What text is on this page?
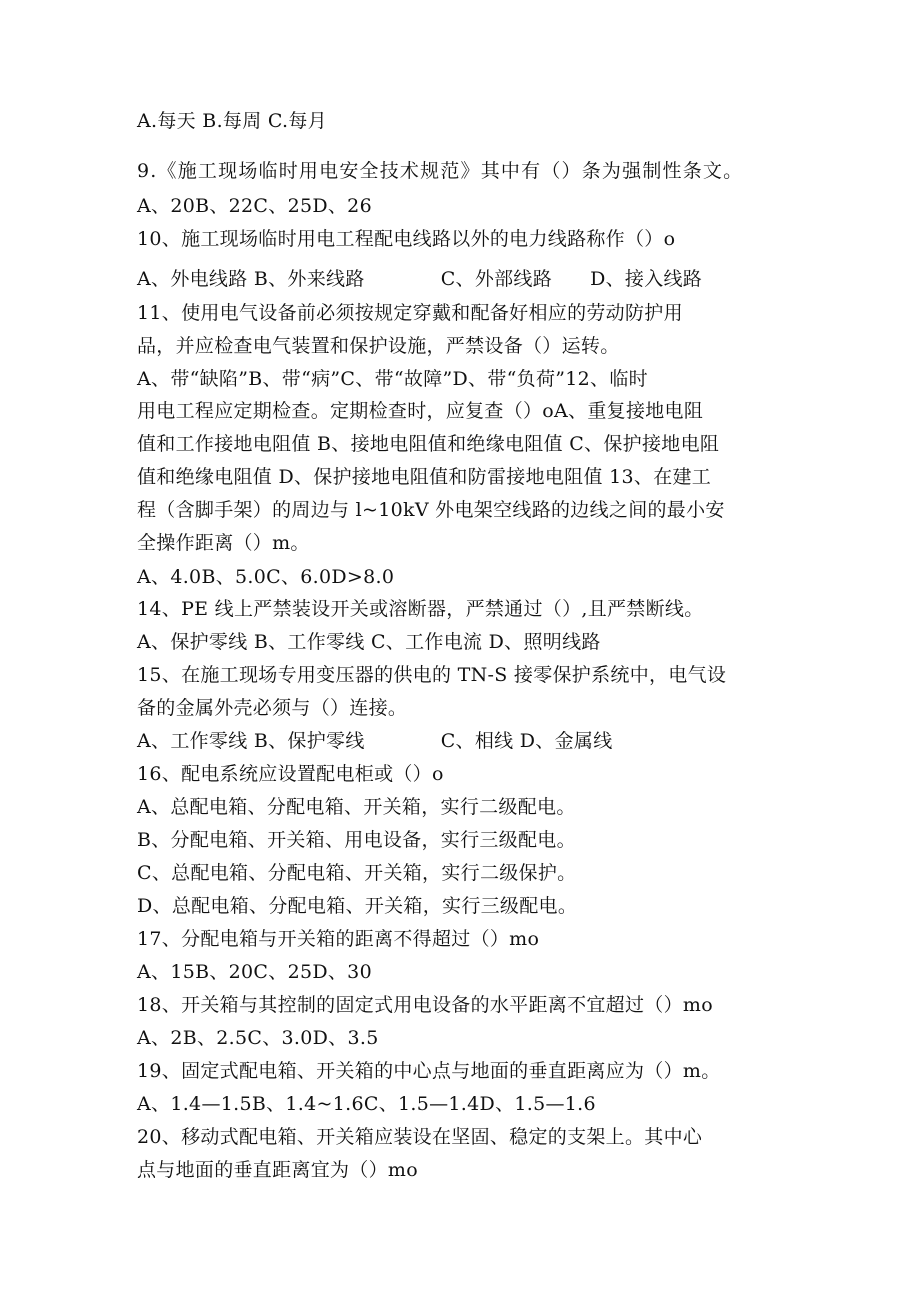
A.每天 B.每周 C.每月
9.《施工现场临时用电安全技术规范》其中有（）条为强制性条文。
A、20B、22C、25D、26
10、施工现场临时用电工程配电线路以外的电力线路称作（）o
A、外电线路 B、外来线路            C、外部线路      D、接入线路
11、使用电气设备前必须按规定穿戴和配备好相应的劳动防护用
品，并应检查电气装置和保护设施，严禁设备（）运转。
A、带“缺陷”B、带“病”C、带“故障”D、带“负荷”12、临时
用电工程应定期检查。定期检查时，应复查（）oA、重复接地电阻
值和工作接地电阻值 B、接地电阻值和绝缘电阻值 C、保护接地电阻
值和绝缘电阻值 D、保护接地电阻值和防雷接地电阻值 13、在建工
程（含脚手架）的周边与 l~10kV 外电架空线路的边线之间的最小安
全操作距离（）m。
A、4.0B、5.0C、6.0D>8.0
14、PE 线上严禁装设开关或溶断器，严禁通过（）,且严禁断线。
A、保护零线 B、工作零线 C、工作电流 D、照明线路
15、在施工现场专用变压器的供电的 TN-S 接零保护系统中，电气设
备的金属外壳必须与（）连接。
A、工作零线 B、保护零线            C、相线 D、金属线
16、配电系统应设置配电柜或（）o
A、总配电箱、分配电箱、开关箱，实行二级配电。
B、分配电箱、开关箱、用电设备，实行三级配电。
C、总配电箱、分配电箱、开关箱，实行二级保护。
D、总配电箱、分配电箱、开关箱，实行三级配电。
17、分配电箱与开关箱的距离不得超过（）mo
A、15B、20C、25D、30
18、开关箱与其控制的固定式用电设备的水平距离不宜超过（）mo
A、2B、2.5C、3.0D、3.5
19、固定式配电箱、开关箱的中心点与地面的垂直距离应为（）m。
A、1.4—1.5B、1.4~1.6C、1.5—1.4D、1.5—1.6
20、移动式配电箱、开关箱应装设在坚固、稳定的支架上。其中心
点与地面的垂直距离宜为（）mo
